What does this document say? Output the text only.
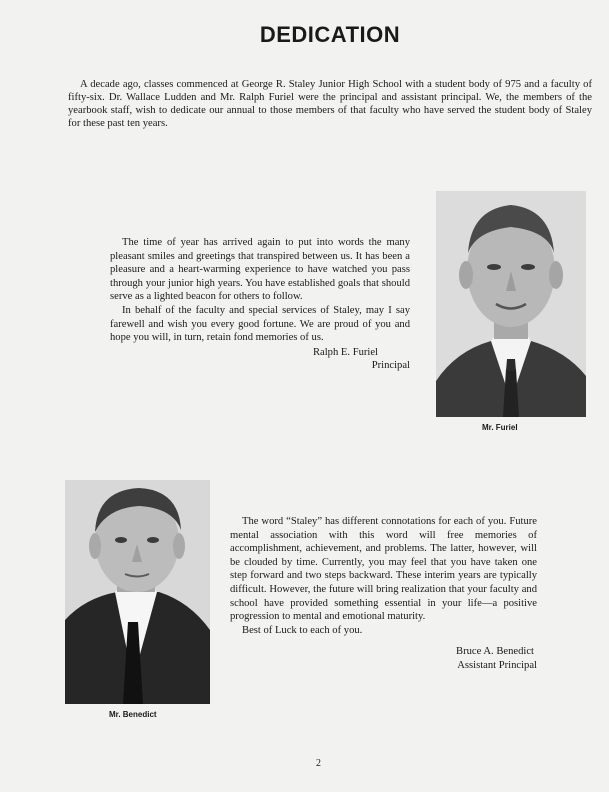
DEDICATION

A decade ago, classes commenced at George R. Staley Junior High School with a student body of 975 and a faculty of fifty-six. Dr. Wallace Ludden and Mr. Ralph Furiel were the principal and assistant principal. We, the members of the yearbook staff, wish to dedicate our annual to those members of that faculty who have served the student body of Staley for these past ten years.

The time of year has arrived again to put into words the many pleasant smiles and greetings that transpired between us. It has been a pleasure and a heart-warming experience to have watched you pass through your junior high years. You have established goals that should serve as a lighted beacon for others to follow.

In behalf of the faculty and special services of Staley, may I say farewell and wish you every good fortune. We are proud of you and hope you will, in turn, retain fond memories of us.

Ralph E. Furiel

Principal

Mr. Furiel
Mr. Benedict

The word “Staley” has different connotations for each of you. Future mental association with this word will free memories of accomplishment, achievement, and problems. The latter, however, will be clouded by time. Currently, you may feel that you have taken one step forward and two steps backward. These interim years are typically difficult. However, the future will bring realization that your faculty and school have provided something essential in your life—a positive progression to mental and emotional maturity.

Best of Luck to each of you.

Bruce A. Benedict

Assistant Principal

2
